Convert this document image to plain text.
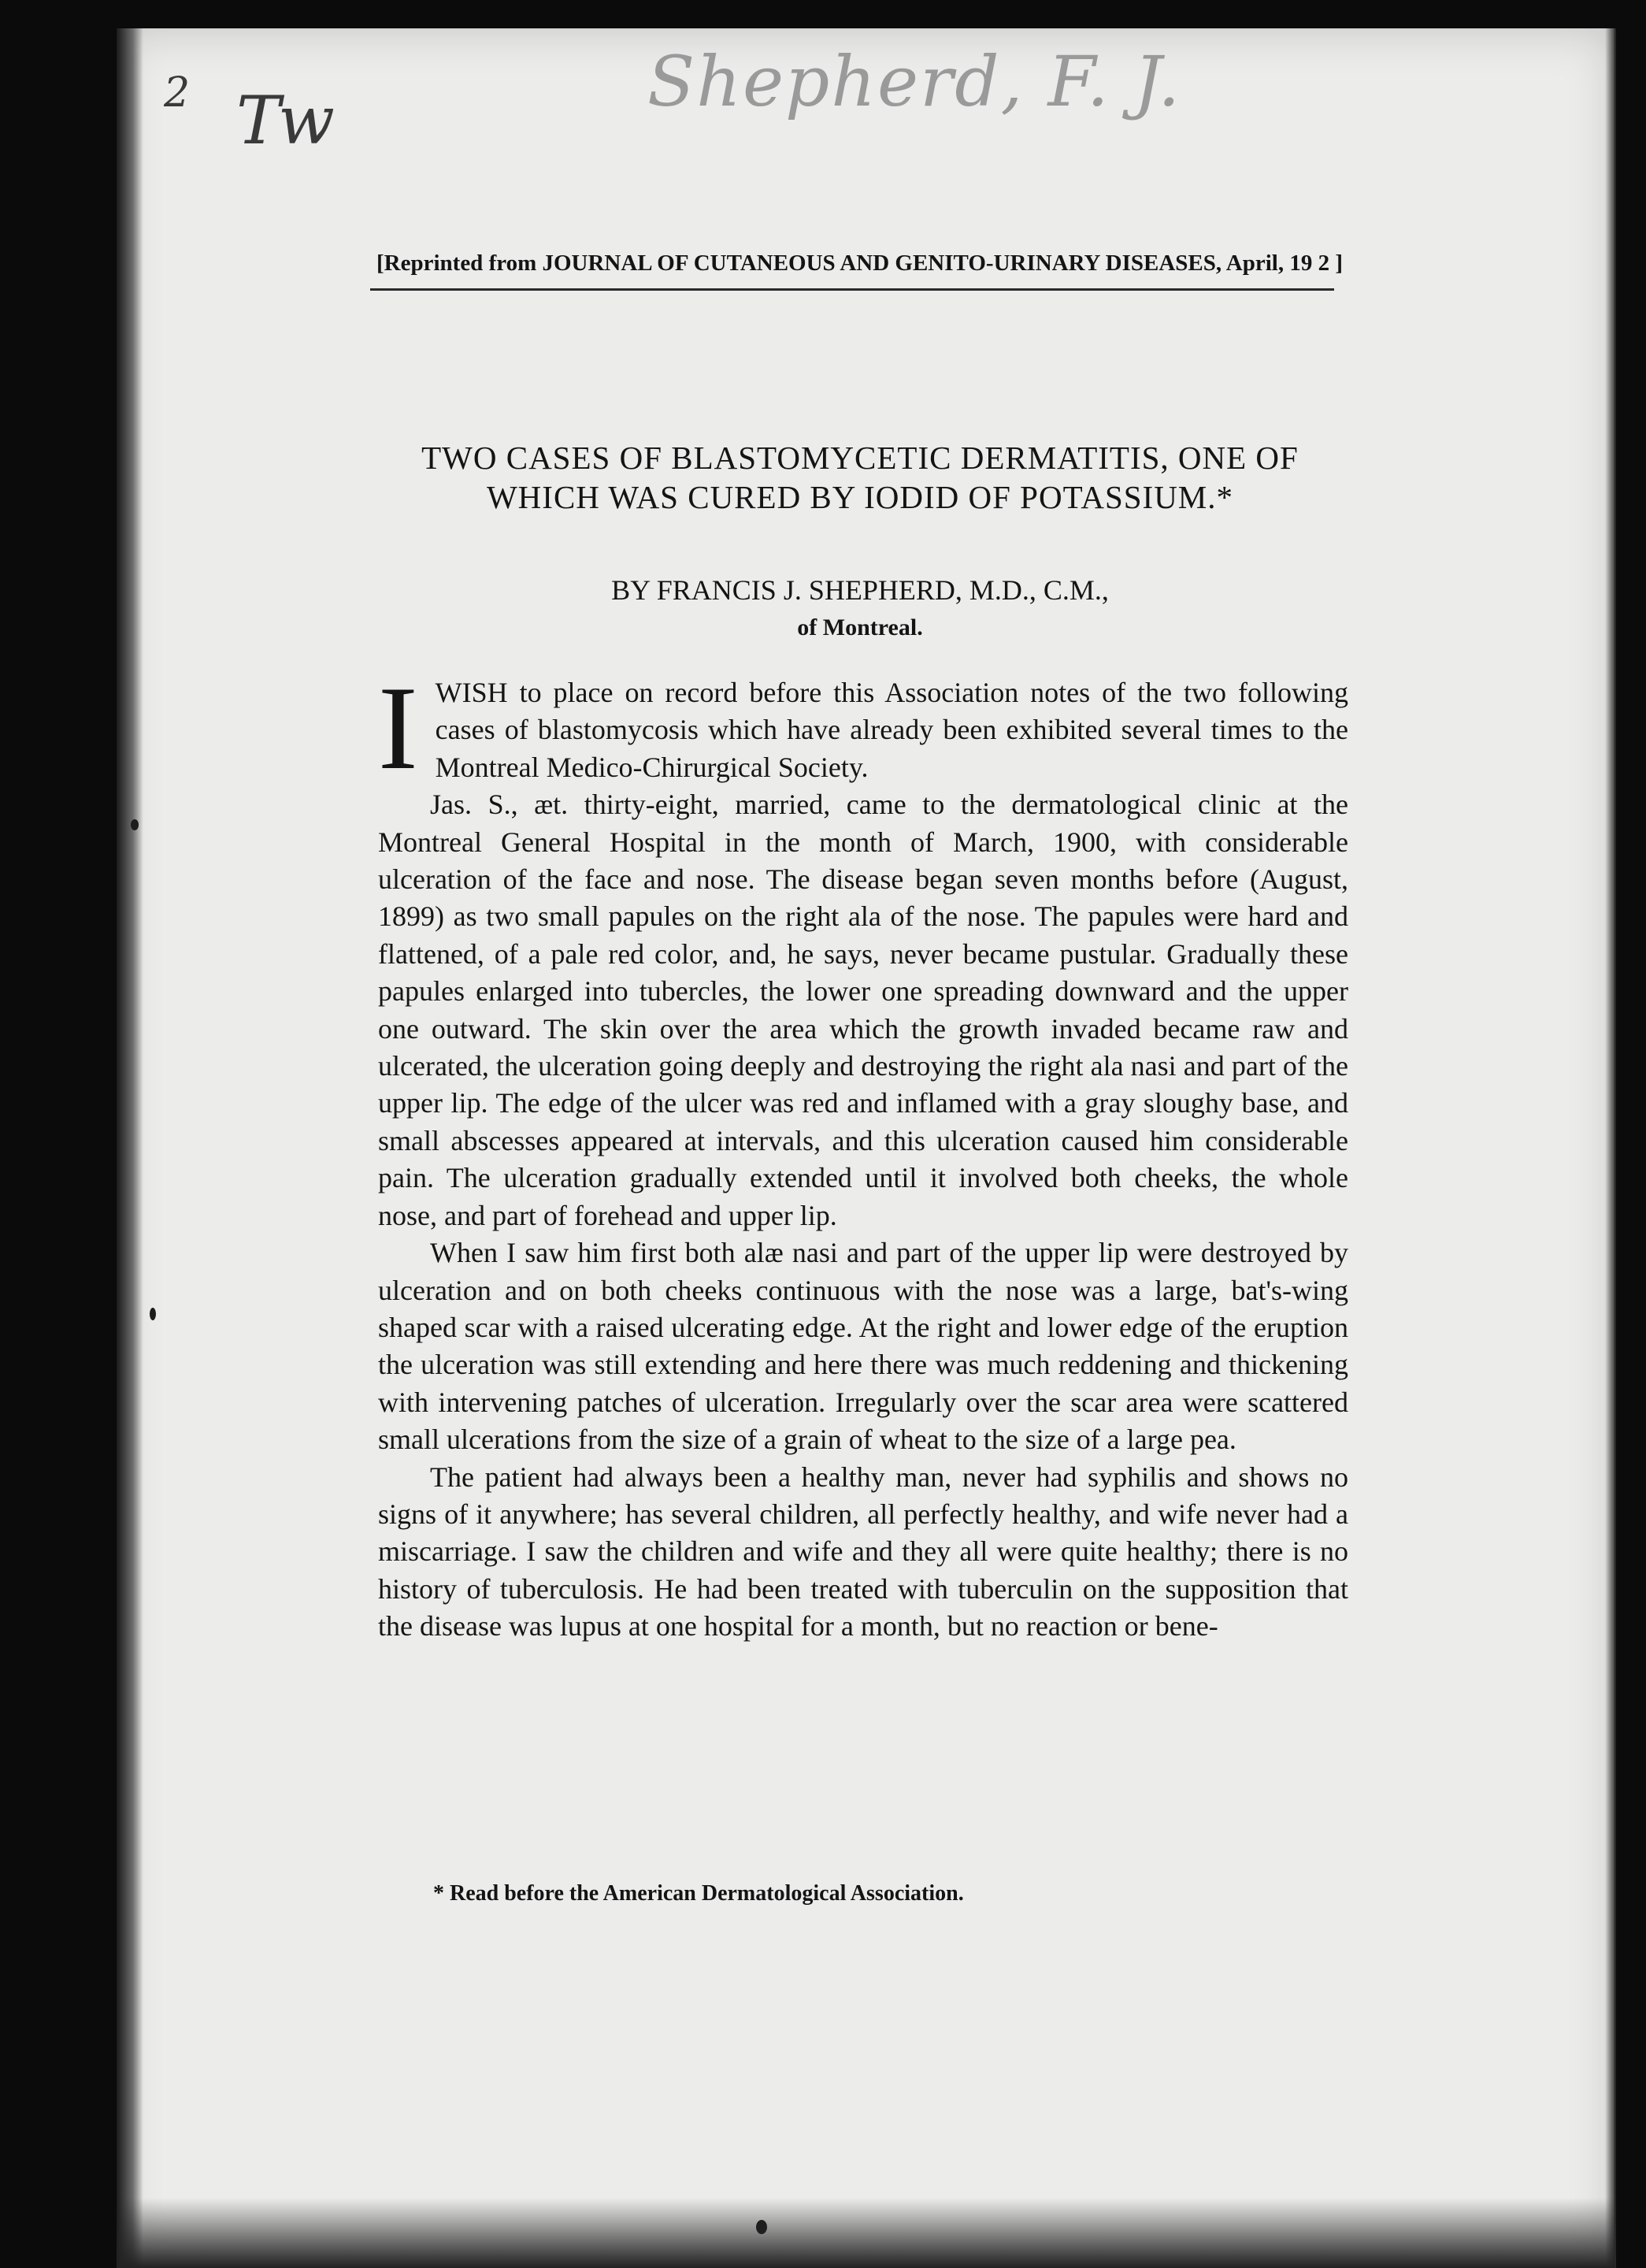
2 Tw	Shepherd, F. J.
[Reprinted from JOURNAL OF CUTANEOUS AND GENITO-URINARY DISEASES, April, 19 2 ]
TWO CASES OF BLASTOMYCETIC DERMATITIS, ONE OF WHICH WAS CURED BY IODID OF POTASSIUM.*
BY FRANCIS J. SHEPHERD, M.D., C.M.,
of Montreal.

IWISH to place on record before this Association notes of the two following cases of blastomycosis which have already been exhibited several times to the Montreal Medico-Chirurgical Society.

Jas. S., æt. thirty-eight, married, came to the dermatological clinic at the Montreal General Hospital in the month of March, 1900, with considerable ulceration of the face and nose. The disease began seven months before (August, 1899) as two small papules on the right ala of the nose. The papules were hard and flattened, of a pale red color, and, he says, never became pustular. Gradually these papules enlarged into tubercles, the lower one spreading downward and the upper one outward. The skin over the area which the growth invaded became raw and ulcerated, the ulceration going deeply and destroying the right ala nasi and part of the upper lip. The edge of the ulcer was red and inflamed with a gray sloughy base, and small abscesses appeared at intervals, and this ulceration caused him considerable pain. The ulceration gradually extended until it involved both cheeks, the whole nose, and part of forehead and upper lip.

When I saw him first both alæ nasi and part of the upper lip were destroyed by ulceration and on both cheeks continuous with the nose was a large, bat's-wing shaped scar with a raised ulcerating edge. At the right and lower edge of the eruption the ulceration was still extending and here there was much reddening and thickening with intervening patches of ulceration. Irregularly over the scar area were scattered small ulcerations from the size of a grain of wheat to the size of a large pea.

The patient had always been a healthy man, never had syphilis and shows no signs of it anywhere; has several children, all perfectly healthy, and wife never had a miscarriage. I saw the children and wife and they all were quite healthy; there is no history of tuberculosis. He had been treated with tuberculin on the supposition that the disease was lupus at one hospital for a month, but no reaction or bene-

* Read before the American Dermatological Association.
